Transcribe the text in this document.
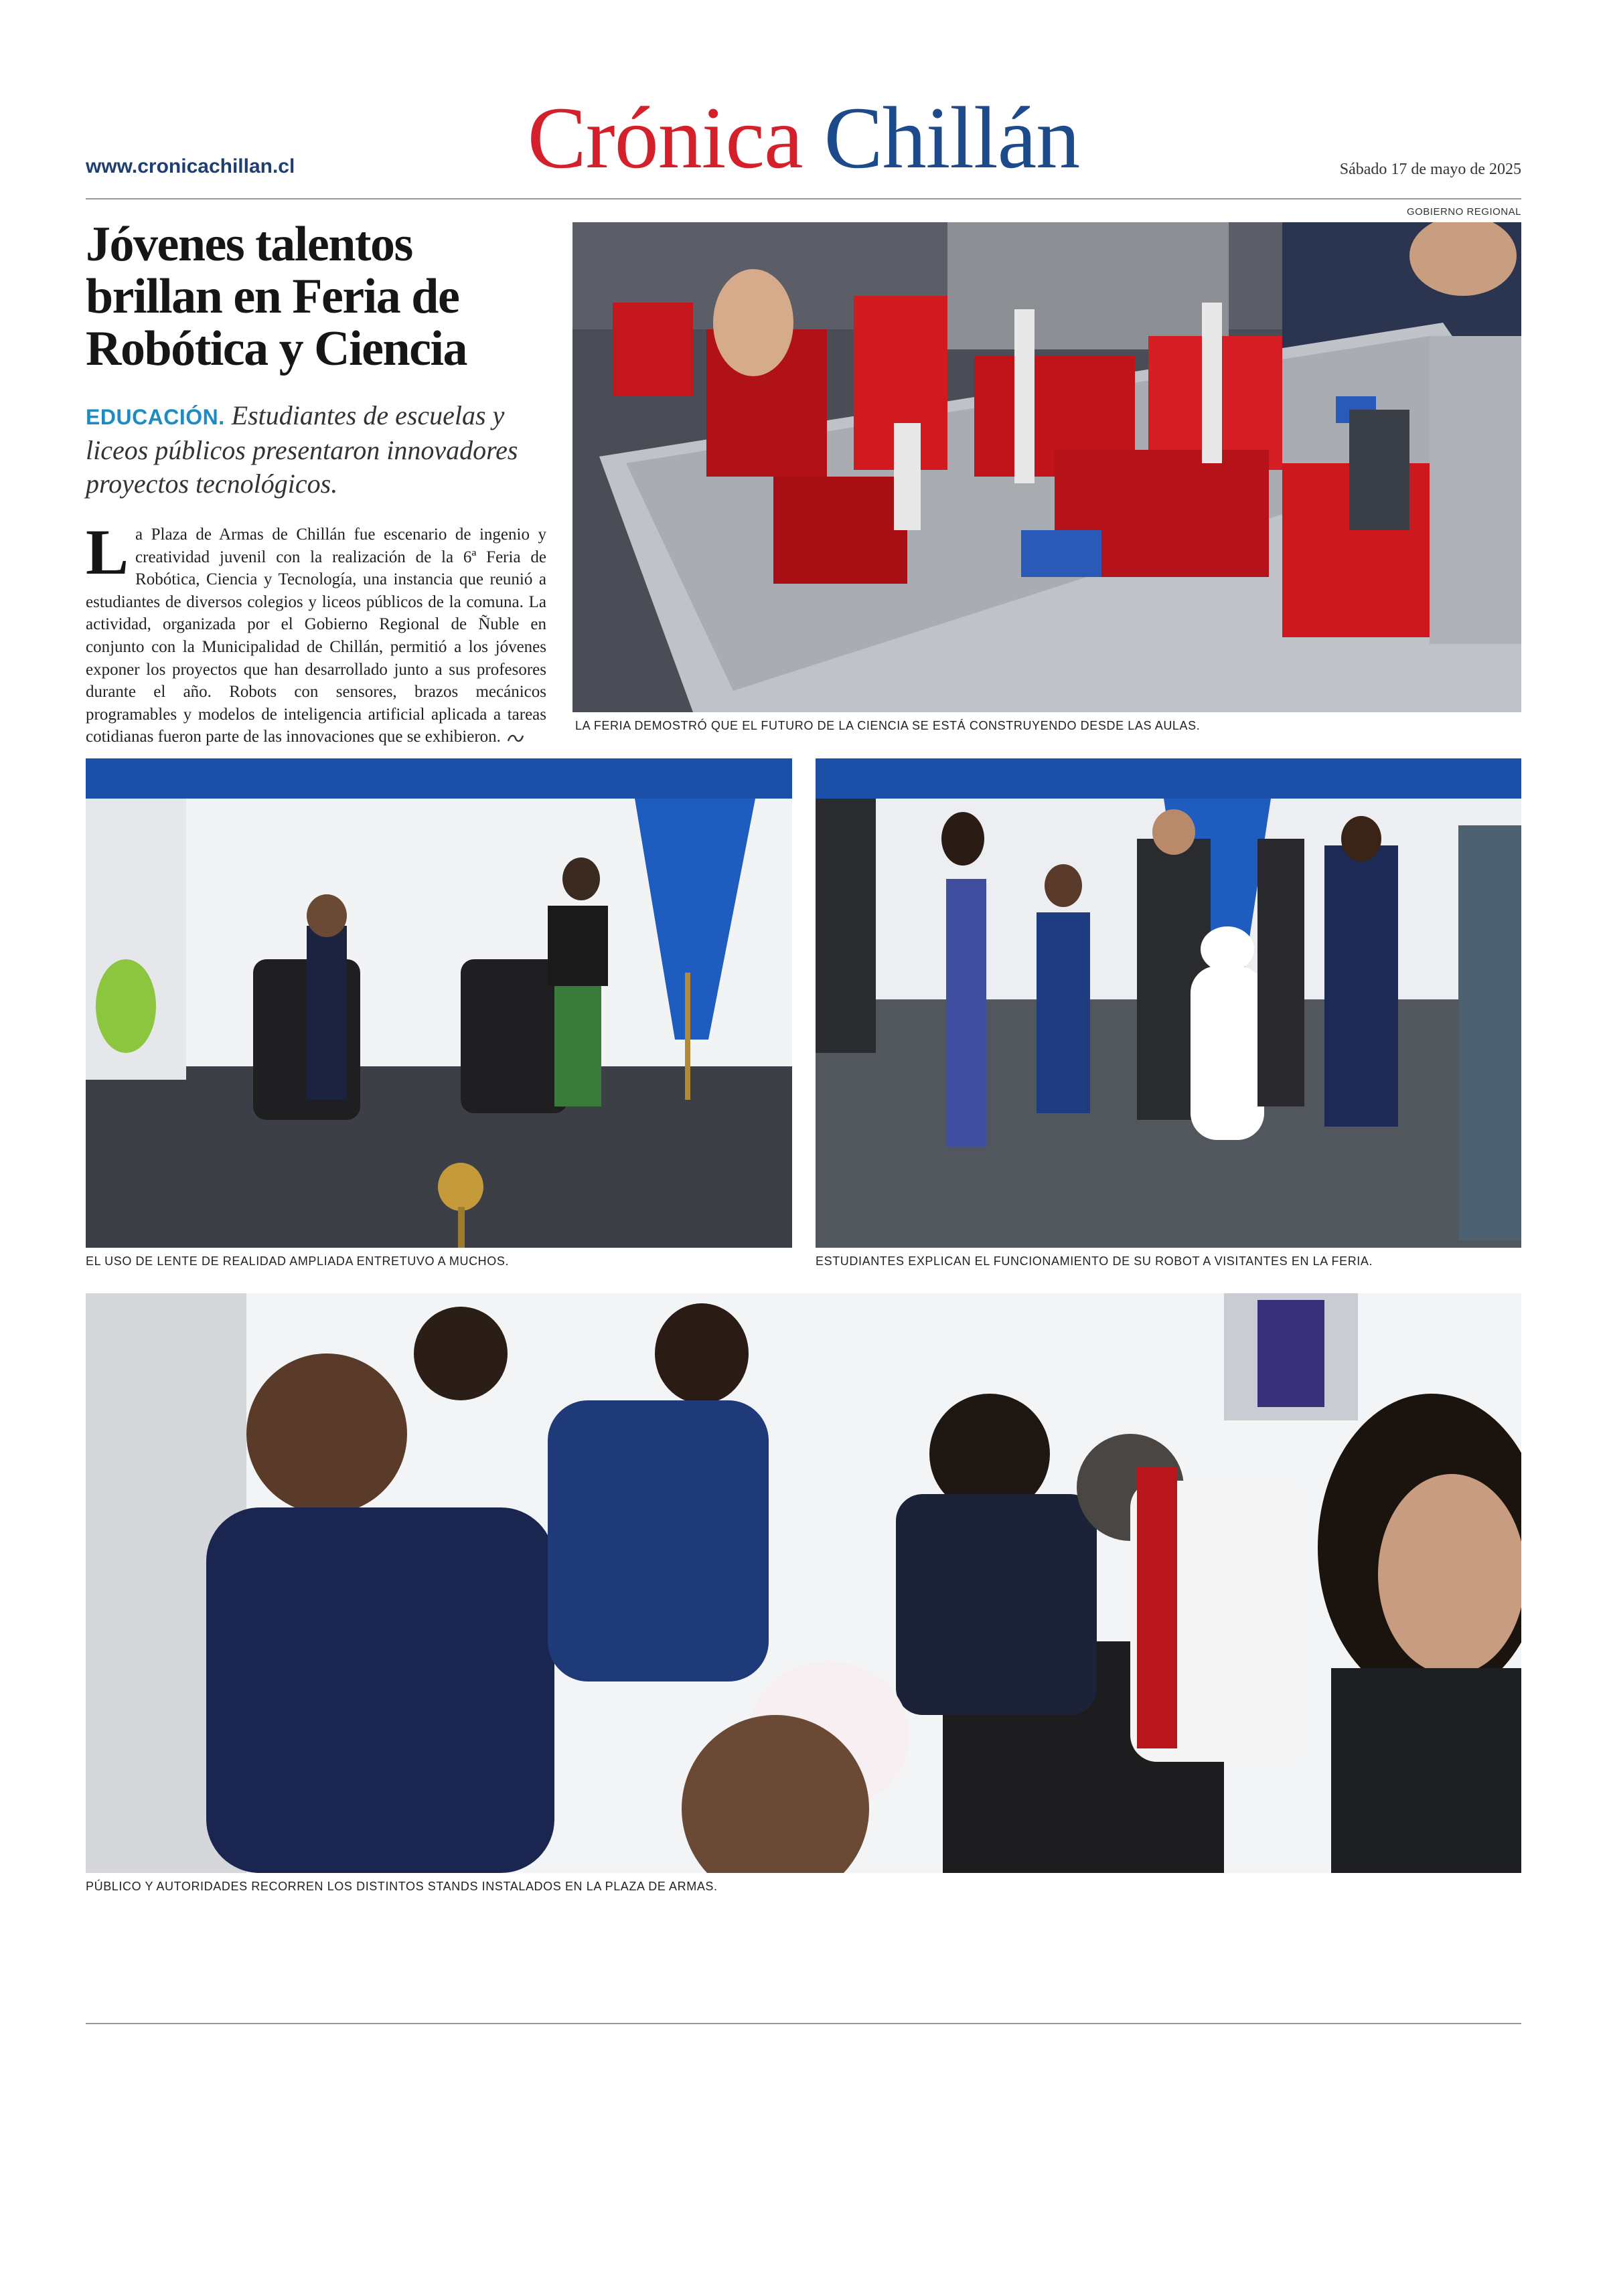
www.cronicachillan.cl	Crónica Chillán	Sábado 17 de mayo de 2025
GOBIERNO REGIONAL
Jóvenes talentos brillan en Feria de Robótica y Ciencia
EDUCACIÓN. Estudiantes de escuelas y liceos públicos presentaron innovadores proyectos tecnológicos.

La Plaza de Armas de Chillán fue escenario de ingenio y creatividad juvenil con la realización de la 6ª Feria de Robótica, Ciencia y Tecnología, una instancia que reunió a estudiantes de diversos colegios y liceos públicos de la comuna. La actividad, organizada por el Gobierno Regional de Ñuble en conjunto con la Municipalidad de Chillán, permitió a los jóvenes exponer los proyectos que han desarrollado junto a sus profesores durante el año. Robots con sensores, brazos mecánicos programables y modelos de inteligencia artificial aplicada a tareas cotidianas fueron parte de las innovaciones que se exhibieron.

LA FERIA DEMOSTRÓ QUE EL FUTURO DE LA CIENCIA SE ESTÁ CONSTRUYENDO DESDE LAS AULAS.
EL USO DE LENTE DE REALIDAD AMPLIADA ENTRETUVO A MUCHOS.	ESTUDIANTES EXPLICAN EL FUNCIONAMIENTO DE SU ROBOT A VISITANTES EN LA FERIA.
PÚBLICO Y AUTORIDADES RECORREN LOS DISTINTOS STANDS INSTALADOS EN LA PLAZA DE ARMAS.
